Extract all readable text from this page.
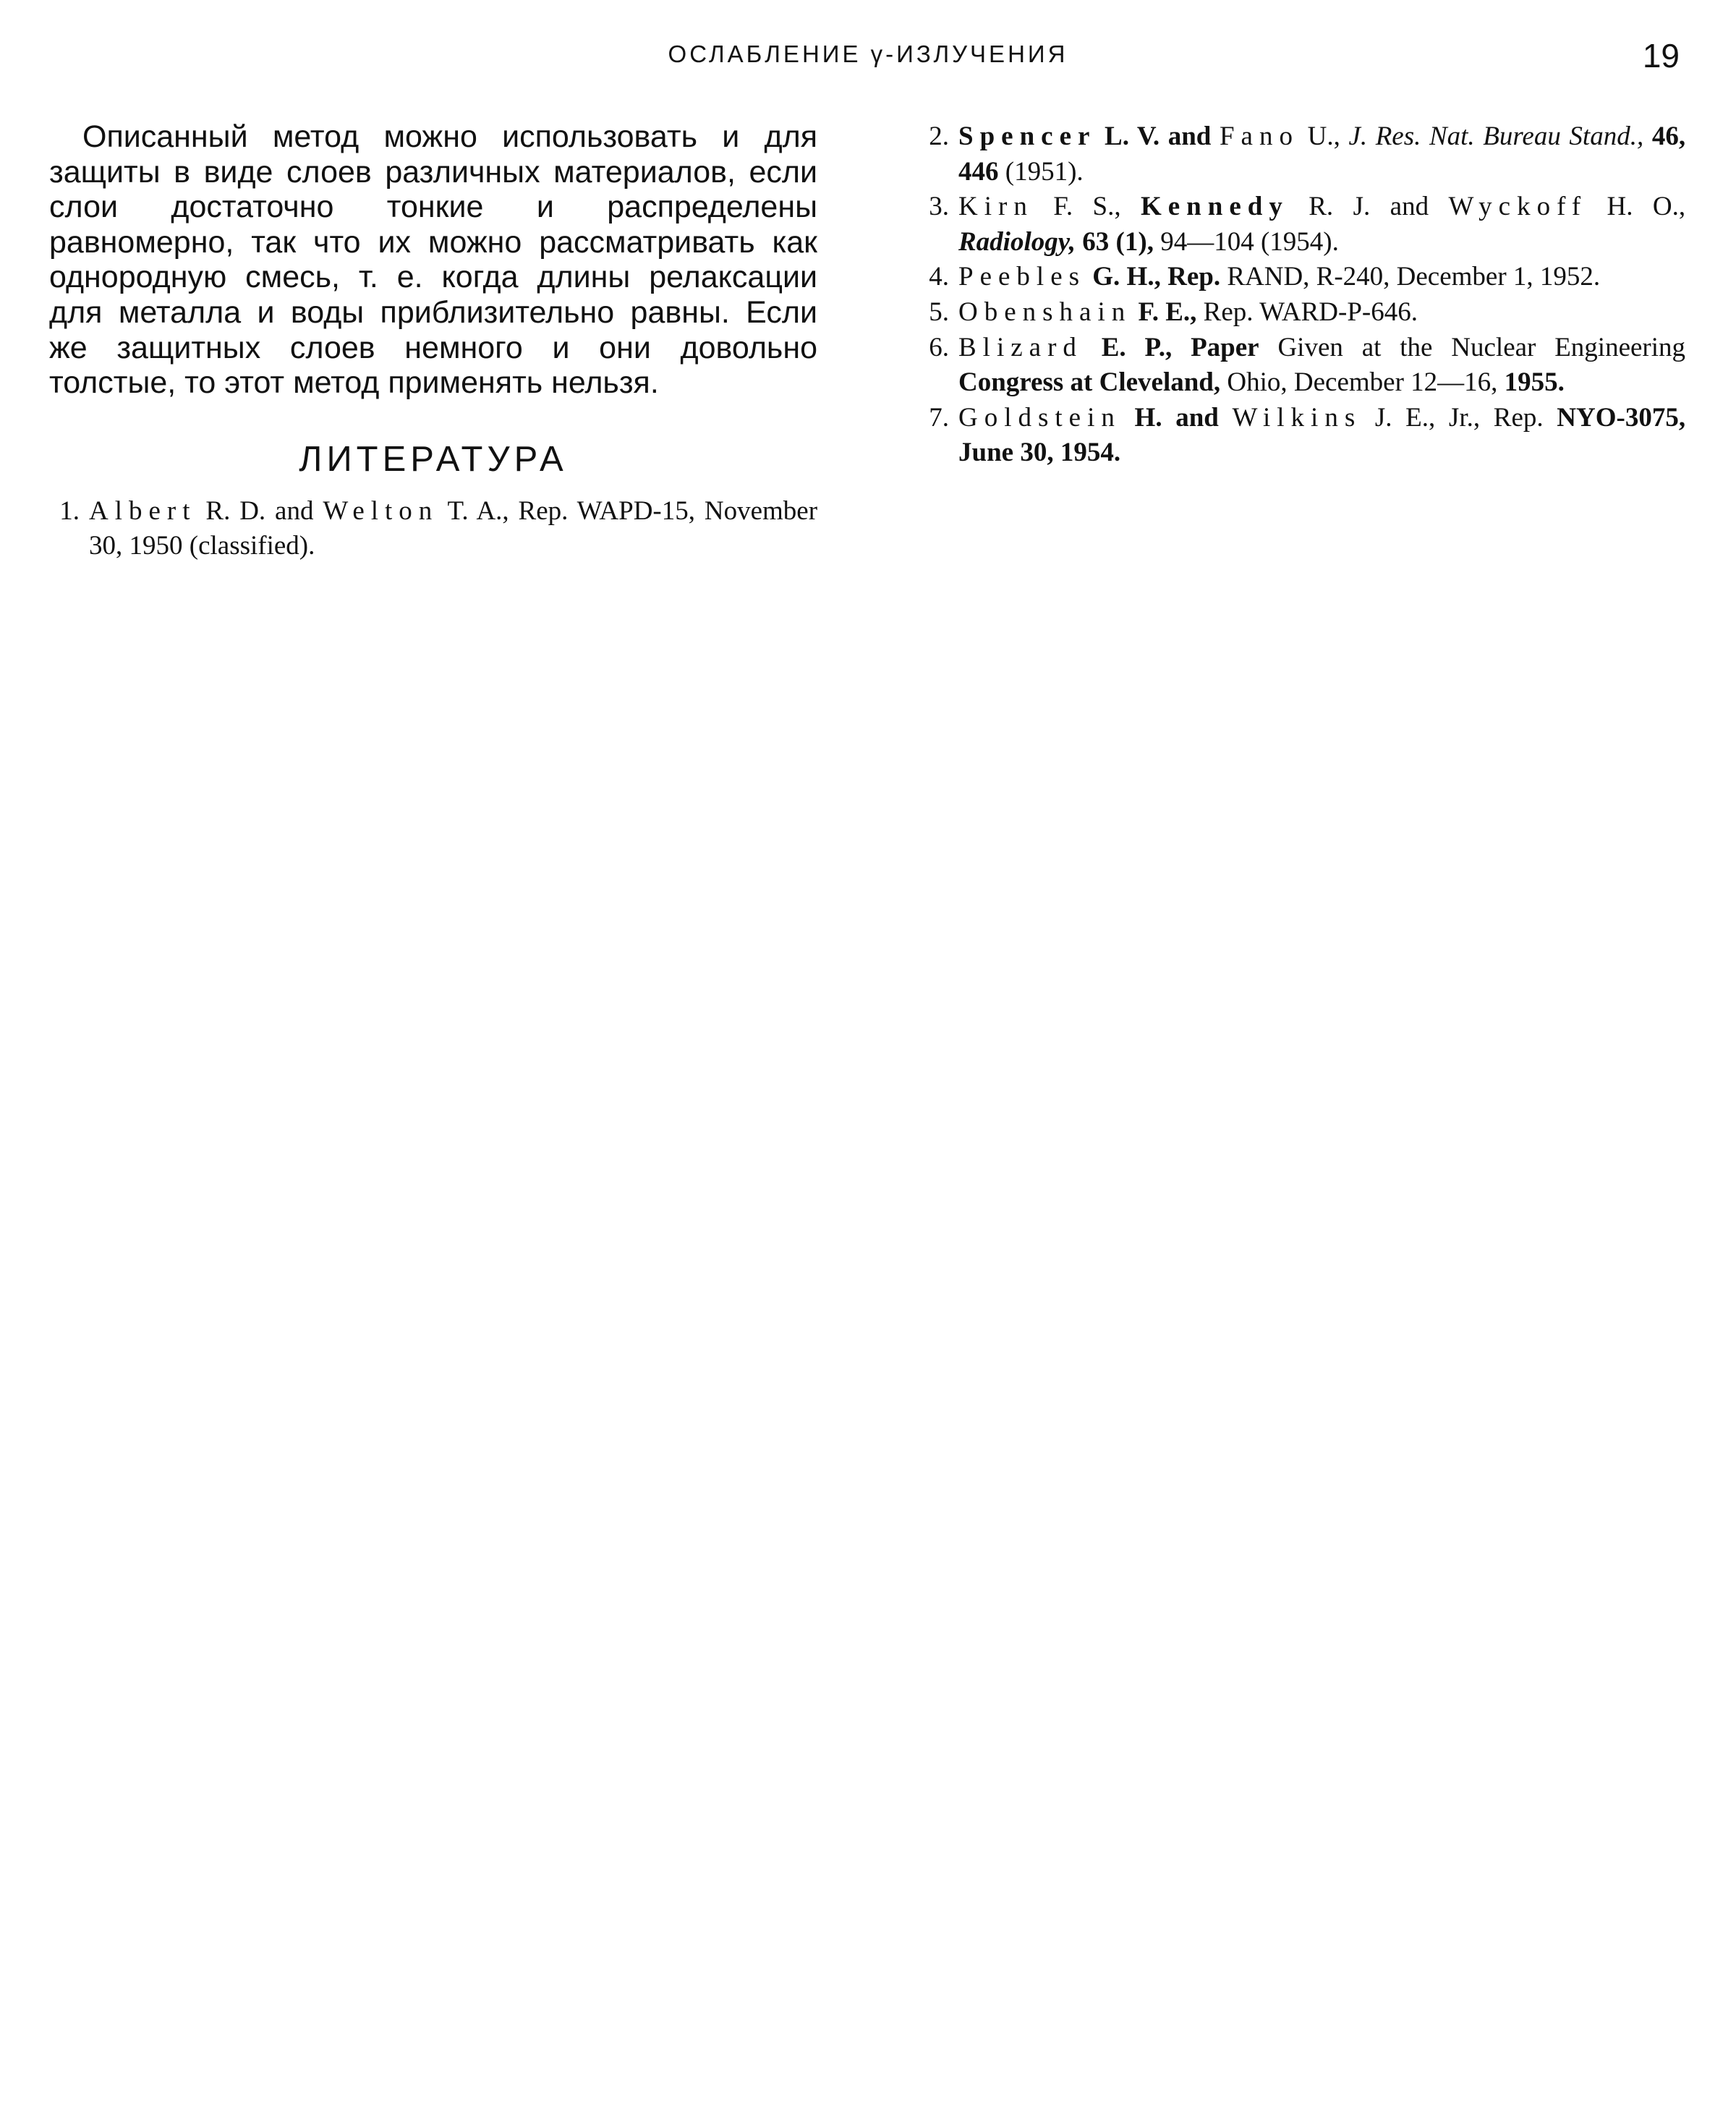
ОСЛАБЛЕНИЕ γ-ИЗЛУЧЕНИЯ	19

Описанный метод можно использовать и для защиты в виде слоев различных материалов, если слои достаточно тонкие и распределены равномерно, так что их можно рассматривать как однородную смесь, т. е. когда длины релаксации для металла и воды приблизительно равны. Если же защитных слоев немного и они довольно толстые, то этот метод применять нельзя.

ЛИТЕРАТУРА
1. Albert R. D. and Welton T. A., Rep. WAPD-15, November 30, 1950 (classified).
2. Spencer L. V. and Fano U., J. Res. Nat. Bureau Stand., 46, 446 (1951).
3. Kirn F. S., Kennedy R. J. and Wyckoff H. O., Radiology, 63 (1), 94—104 (1954).
4. Peebles G. H., Rep. RAND, R-240, December 1, 1952.
5. Obenshain F. E., Rep. WARD-P-646.
6. Blizard E. P., Paper Given at the Nuclear Engineering Congress at Cleveland, Ohio, December 12—16, 1955.
7. Goldstein H. and Wilkins J. E., Jr., Rep. NYO-3075, June 30, 1954.
